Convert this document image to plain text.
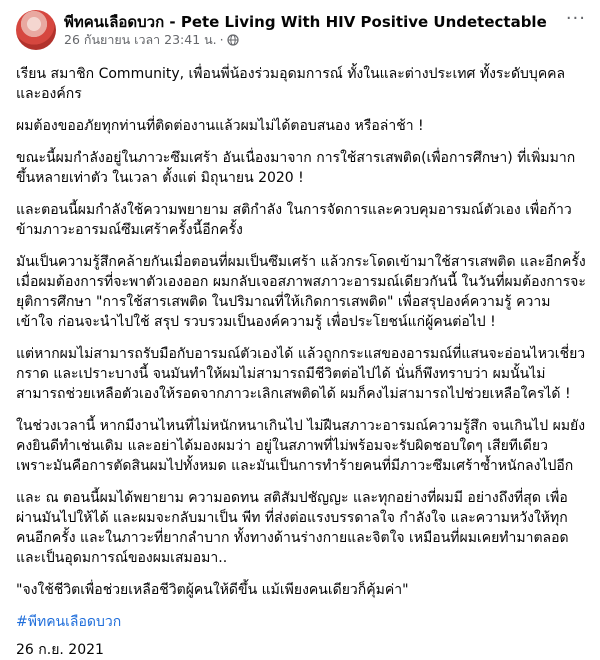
พีทคนเลือดบวก - Pete Living With HIV Positive Undetectable
26 กันยายน เวลา 23:41 น. ·
···

เรียน สมาชิก Community, เพื่อนพี่น้องร่วมอุดมการณ์ ทั้งในและต่างประเทศ ทั้งระดับบุคคลและองค์กร

ผมต้องขออภัยทุกท่านที่ติดต่องานแล้วผมไม่ได้ตอบสนอง หรือล่าช้า !

ขณะนี้ผมกำลังอยู่ในภาวะซึมเศร้า อันเนื่องมาจาก การใช้สารเสพติด(เพื่อการศึกษา) ที่เพิ่มมากขึ้นหลายเท่าตัว ในเวลา ตั้งแต่ มิถุนายน 2020 !

และตอนนี้ผมกำลังใช้ความพยายาม สติกำลัง ในการจัดการและควบคุมอารมณ์ตัวเอง เพื่อก้าวข้ามภาวะอารมณ์ซึมเศร้าครั้งนี้อีกครั้ง

มันเป็นความรู้สึกคล้ายกันเมื่อตอนที่ผมเป็นซึมเศร้า แล้วกระโดดเข้ามาใช้สารเสพติด และอีกครั้งเมื่อผมต้องการที่จะพาตัวเองออก ผมกลับเจอสภาพสภาวะอารมณ์เดียวกันนี้ ในวันที่ผมต้องการจะยุติการศึกษา "การใช้สารเสพติด ในปริมาณที่ให้เกิดการเสพติด" เพื่อสรุปองค์ความรู้ ความเข้าใจ ก่อนจะนำไปใช้ สรุป รวบรวมเป็นองค์ความรู้ เพื่อประโยชน์แก่ผู้คนต่อไป !

แต่หากผมไม่สามารถรับมือกับอารมณ์ตัวเองได้ แล้วถูกกระแสของอารมณ์ที่แสนจะอ่อนไหวเชี่ยวกราด และเปราะบางนี้ จนมันทำให้ผมไม่สามารถมีชีวิตต่อไปได้ นั่นก็พึงทราบว่า ผมนั้นไม่สามารถช่วยเหลือตัวเองให้รอดจากภาวะเลิกเสพติดได้ ผมก็คงไม่สามารถไปช่วยเหลือใครได้ !

ในช่วงเวลานี้ หากมีงานไหนที่ไม่หนักหนาเกินไป ไม่ฝืนสภาวะอารมณ์ความรู้สึก จนเกินไป ผมยังคงยินดีทำเช่นเดิม และอย่าได้มองผมว่า อยู่ในสภาพที่ไม่พร้อมจะรับผิดชอบใดๆ เสียทีเดียว เพราะมันคือการตัดสินผมไปทั้งหมด และมันเป็นการทำร้ายคนที่มีภาวะซึมเศร้าซ้ำหนักลงไปอีก

และ ณ ตอนนี้ผมได้พยายาม ความอดทน สติสัมปชัญญะ และทุกอย่างที่ผมมี อย่างถึงที่สุด เพื่อผ่านมันไปให้ได้ และผมจะกลับมาเป็น พีท ที่ส่งต่อแรงบรรดาลใจ กำลังใจ และความหวังให้ทุกคนอีกครั้ง และในภาวะที่ยากลำบาก ทั้งทางด้านร่างกายและจิตใจ เหมือนที่ผมเคยทำมาตลอด และเป็นอุดมการณ์ของผมเสมอมา..

"จงใช้ชีวิตเพื่อช่วยเหลือชีวิตผู้คนให้ดีขึ้น แม้เพียงคนเดียวก็คุ้มค่า"

#พีทคนเลือดบวก
26 ก.ย. 2021
